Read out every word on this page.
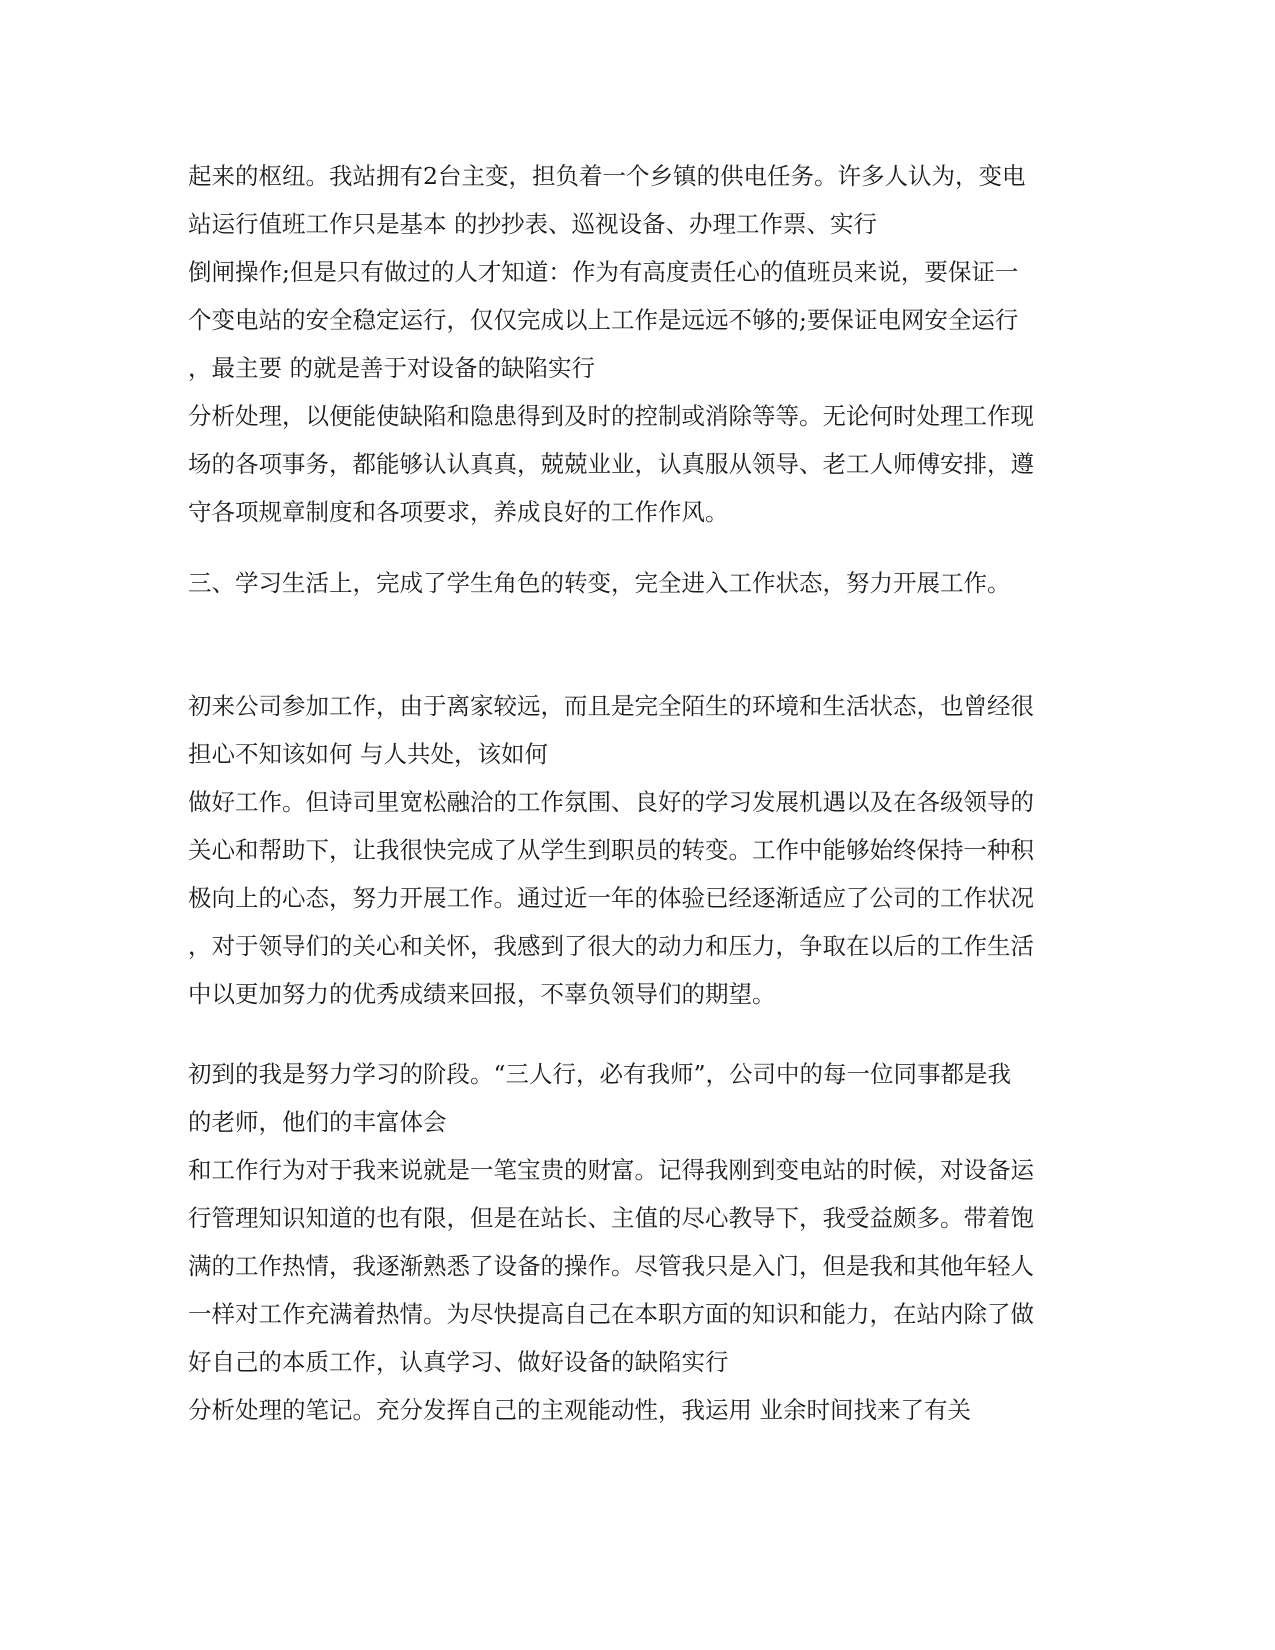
起来的枢纽。我站拥有2台主变，担负着一个乡镇的供电任务。许多人认为，变电
站运行值班工作只是基本 的抄抄表、巡视设备、办理工作票、实行
倒闸操作;但是只有做过的人才知道：作为有高度责任心的值班员来说，要保证一
个变电站的安全稳定运行，仅仅完成以上工作是远远不够的;要保证电网安全运行
，最主要 的就是善于对设备的缺陷实行
分析处理，以便能使缺陷和隐患得到及时的控制或消除等等。无论何时处理工作现
场的各项事务，都能够认认真真，兢兢业业，认真服从领导、老工人师傅安排，遵
守各项规章制度和各项要求，养成良好的工作作风。
三、学习生活上，完成了学生角色的转变，完全进入工作状态，努力开展工作。
初来公司参加工作，由于离家较远，而且是完全陌生的环境和生活状态，也曾经很
担心不知该如何 与人共处，该如何
做好工作。但诗司里宽松融洽的工作氛围、良好的学习发展机遇以及在各级领导的
关心和帮助下，让我很快完成了从学生到职员的转变。工作中能够始终保持一种积
极向上的心态，努力开展工作。通过近一年的体验已经逐渐适应了公司的工作状况
，对于领导们的关心和关怀，我感到了很大的动力和压力，争取在以后的工作生活
中以更加努力的优秀成绩来回报，不辜负领导们的期望。
初到的我是努力学习的阶段。“三人行，必有我师”，公司中的每一位同事都是我
的老师，他们的丰富体会
和工作行为对于我来说就是一笔宝贵的财富。记得我刚到变电站的时候，对设备运
行管理知识知道的也有限，但是在站长、主值的尽心教导下，我受益颇多。带着饱
满的工作热情，我逐渐熟悉了设备的操作。尽管我只是入门，但是我和其他年轻人
一样对工作充满着热情。为尽快提高自己在本职方面的知识和能力，在站内除了做
好自己的本质工作，认真学习、做好设备的缺陷实行
分析处理的笔记。充分发挥自己的主观能动性，我运用 业余时间找来了有关
